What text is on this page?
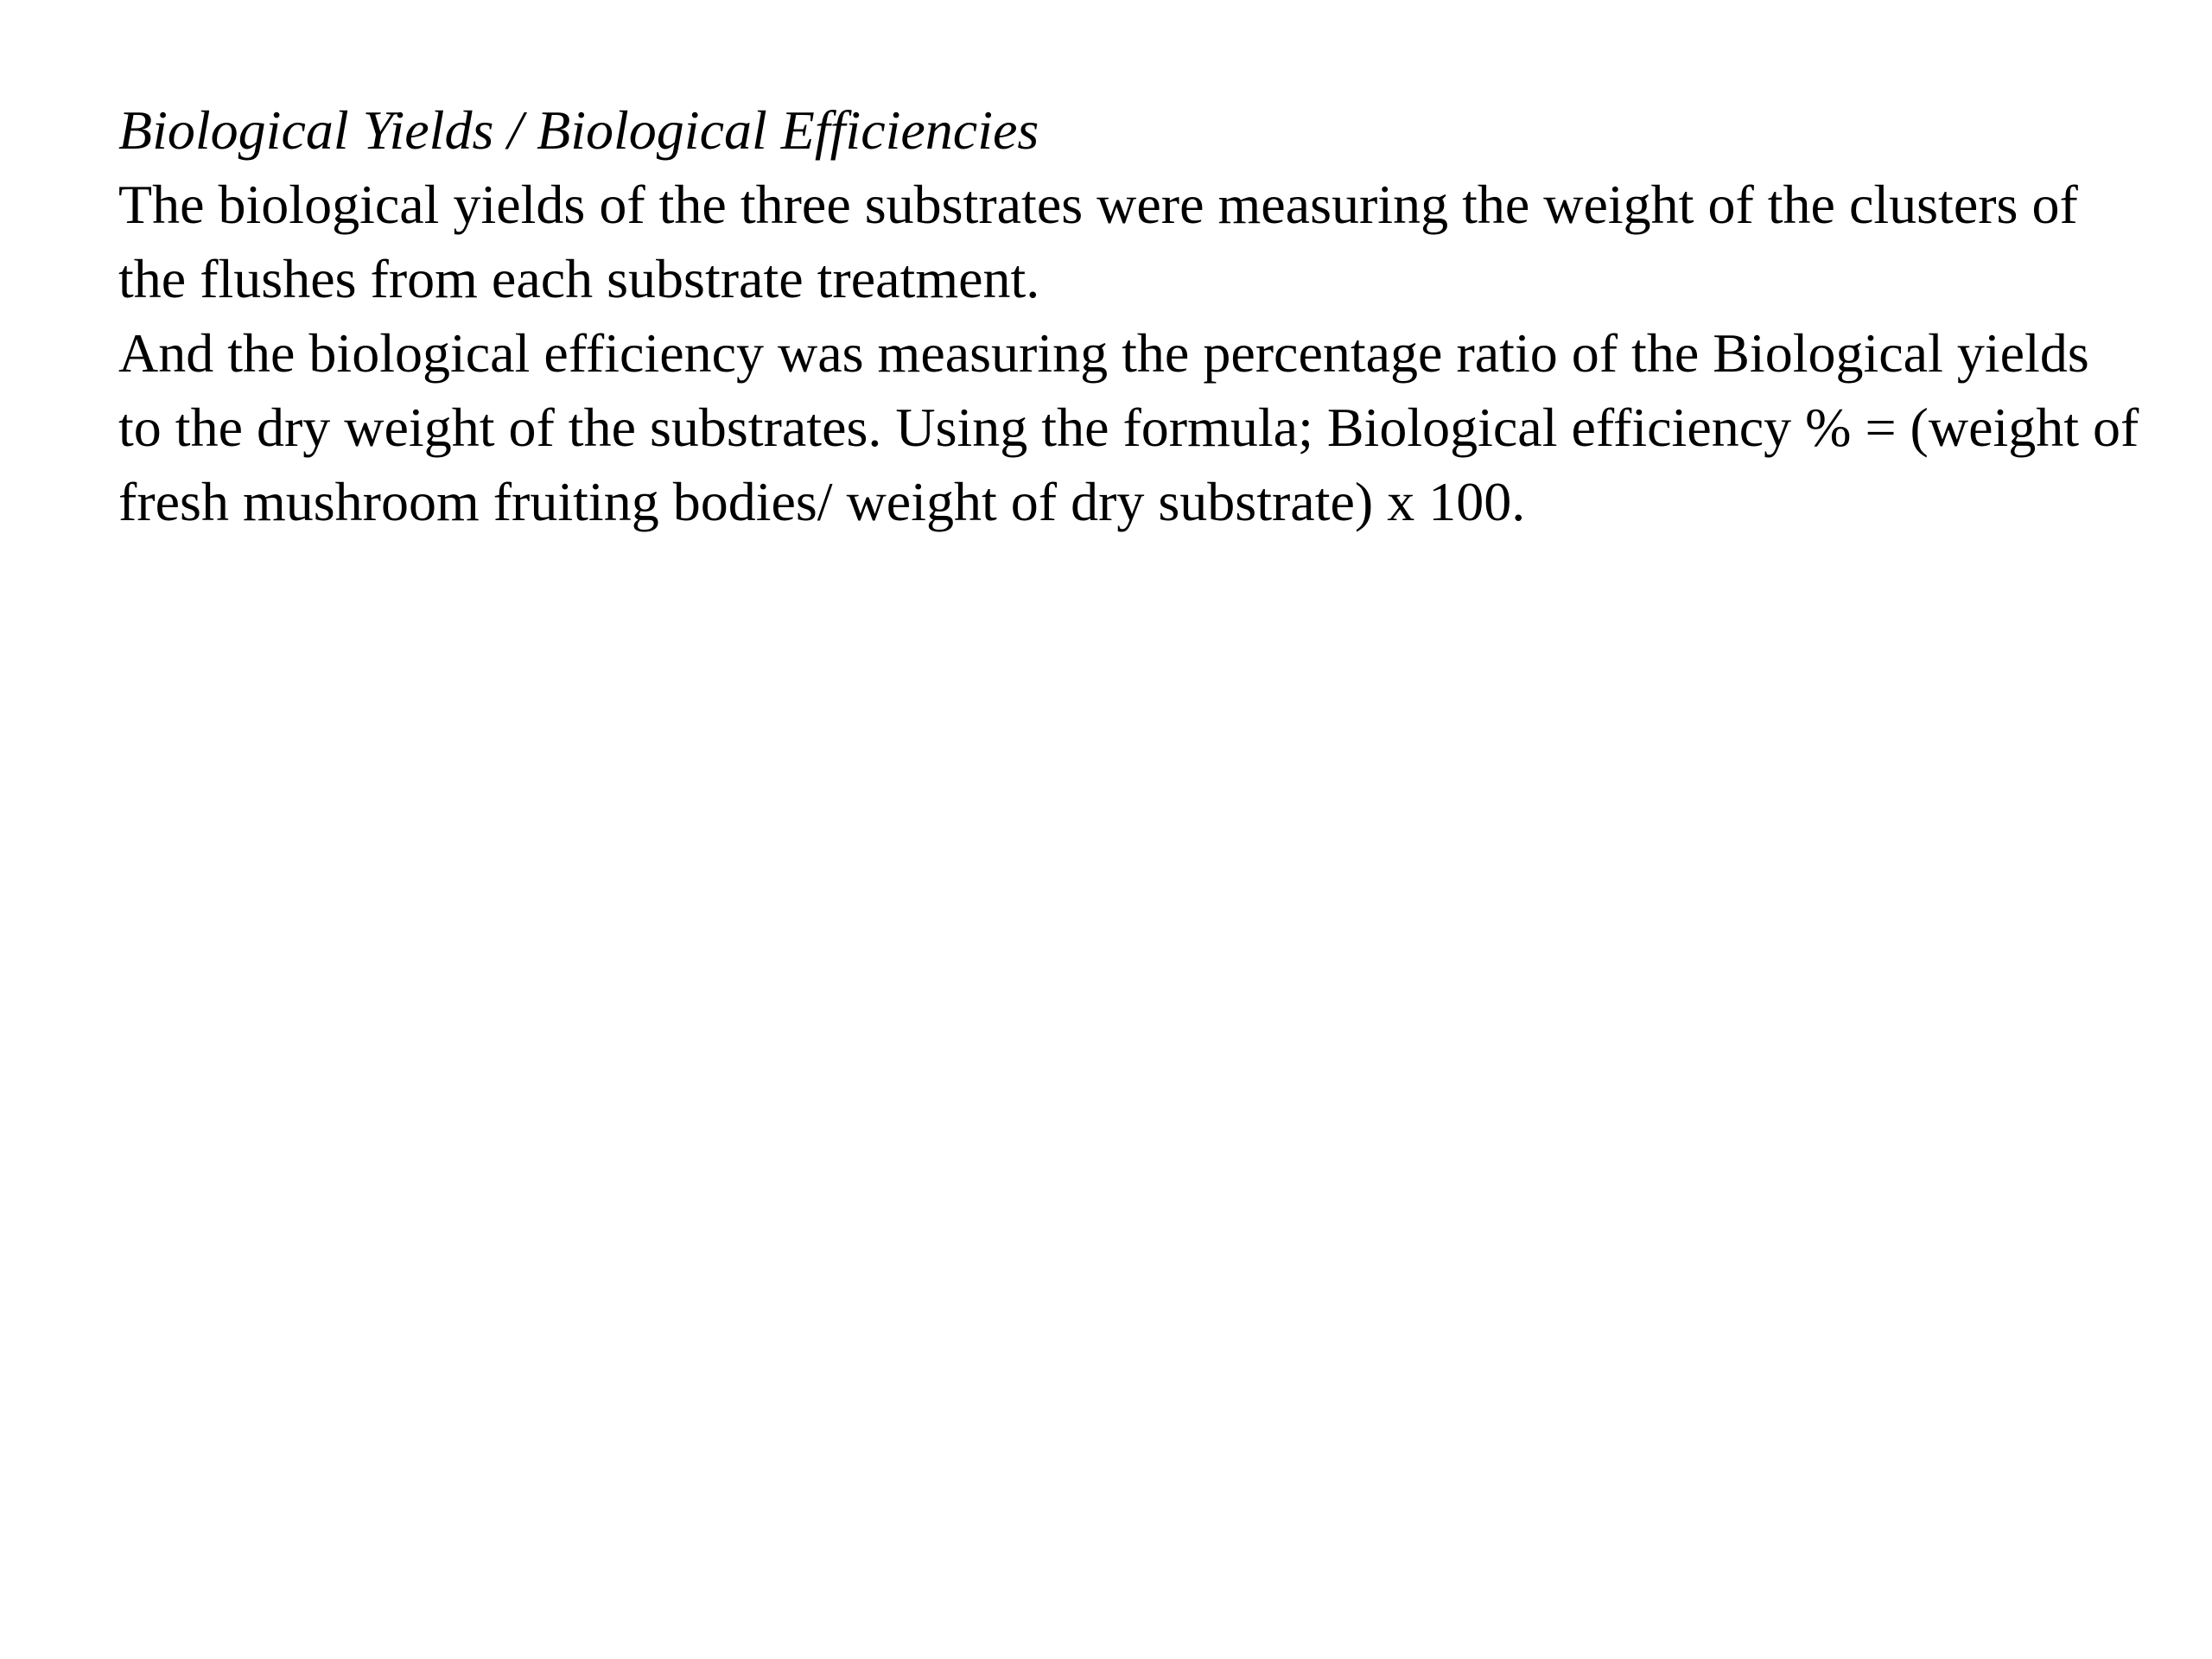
Biological Yields / Biological Efficiencies

The biological yields of the three substrates were measuring the weight of the clusters of the flushes from each substrate treatment.

And the biological efficiency was measuring the percentage ratio of the Biological yields to the dry weight of the substrates. Using the formula; Biological efficiency % = (weight of fresh mushroom fruiting bodies/ weight of dry substrate) x 100.
